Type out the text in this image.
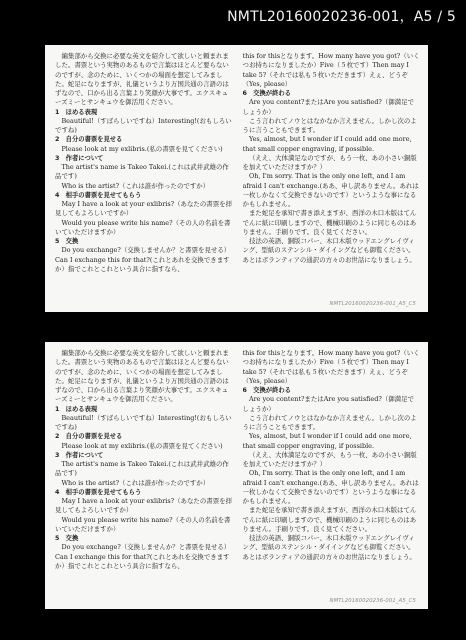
NMTL20160020236-001，A5 / 5

編集部から交換に必要な英文を紹介して欲しいと頼まれました。書票という実物のあるもので言葉はほとんど要らないのですが、念のために、いくつかの場面を想定してみました。蛇足になりますが、礼儀というより万国共通の言語のはずなので、口から出る言葉より笑顔が大事です。エクスキューズミーとサンキュウを御活用ください。

1　ほめる表現

Beautiful!（すばらしいですね）Interesting!(おもしろいですね)

2　自分の書票を見せる

Please look at my exlibris.(私の書票を見てください)

3　作者について

The artist's name is Takeo Takei.(これは武井武雄の作品です)

Who is the artist?（これは誰が作ったのですか）

4　相手の書票を見せてもらう

May I have a look at your exlibris?（あなたの書票を拝見してもよろしいですか）

Would you please write his name?（その人の名前を書いていただけますか）

5　交換

Do you exchange?（交換しませんか？と書票を見せる）Can I exchange this for that?(これとあれを交換できますか）指でこれとこれという具合に指すなら、

this for thisとなります。How many have you got?（いくつお持ちになりましたか）Five（５枚です）Then may I take 5?（それでは私も５枚いただきます）えぇ、どうぞ（Yes, please）

6　交換が終わる

Are you content?またはAre you satisfied?（御満足でしょうか）

こう言われてノウとはなかなか言えません。しかし次のように言うこともできます。

Yes, almost, but I wonder if I could add one more, that small copper engraving, if possible.

（ええ、大体満足なのですが、もう一枚、あの小さい銅版を加えていただけますか？）

Oh, I'm sorry. That is the only one left, and I am afraid I can't exchange.(ああ、申し訳ありません。あれは一枚しかなくて交換できないのです）というような事になるかもしれません。

また蛇足を承知で書き添えますが、西洋の木口木版はてんでんに紙に印刷しますので、機械印刷のように同じものはありません。手刷りです。良く見てください。

技法の英語、銅版コパー、木口木版ウッドエングレイヴィング、型紙のステンシル・ダイイングなども御覧ください。あとはボランティアの通訳の方々のお世話になりましょう。

NMTL20160020236-001_A5_C5

編集部から交換に必要な英文を紹介して欲しいと頼まれました。書票という実物のあるもので言葉はほとんど要らないのですが、念のために、いくつかの場面を想定してみました。蛇足になりますが、礼儀というより万国共通の言語のはずなので、口から出る言葉より笑顔が大事です。エクスキューズミーとサンキュウを御活用ください。

1　ほめる表現

Beautiful!（すばらしいですね）Interesting!(おもしろいですね)

2　自分の書票を見せる

Please look at my exlibris.(私の書票を見てください)

3　作者について

The artist's name is Takeo Takei.(これは武井武雄の作品です)

Who is the artist?（これは誰が作ったのですか）

4　相手の書票を見せてもらう

May I have a look at your exlibris?（あなたの書票を拝見してもよろしいですか）

Would you please write his name?（その人の名前を書いていただけますか）

5　交換

Do you exchange?（交換しませんか？と書票を見せる）Can I exchange this for that?(これとあれを交換できますか）指でこれとこれという具合に指すなら、

this for thisとなります。How many have you got?（いくつお持ちになりましたか）Five（５枚です）Then may I take 5?（それでは私も５枚いただきます）えぇ、どうぞ（Yes, please）

6　交換が終わる

Are you content?またはAre you satisfied?（御満足でしょうか）

こう言われてノウとはなかなか言えません。しかし次のように言うこともできます。

Yes, almost, but I wonder if I could add one more, that small copper engraving, if possible.

（ええ、大体満足なのですが、もう一枚、あの小さい銅版を加えていただけますか？）

Oh, I'm sorry. That is the only one left, and I am afraid I can't exchange.(ああ、申し訳ありません。あれは一枚しかなくて交換できないのです）というような事になるかもしれません。

また蛇足を承知で書き添えますが、西洋の木口木版はてんでんに紙に印刷しますので、機械印刷のように同じものはありません。手刷りです。良く見てください。

技法の英語、銅版コパー、木口木版ウッドエングレイヴィング、型紙のステンシル・ダイイングなども御覧ください。あとはボランティアの通訳の方々のお世話になりましょう。

NMTL20160020236-001_A5_C5
